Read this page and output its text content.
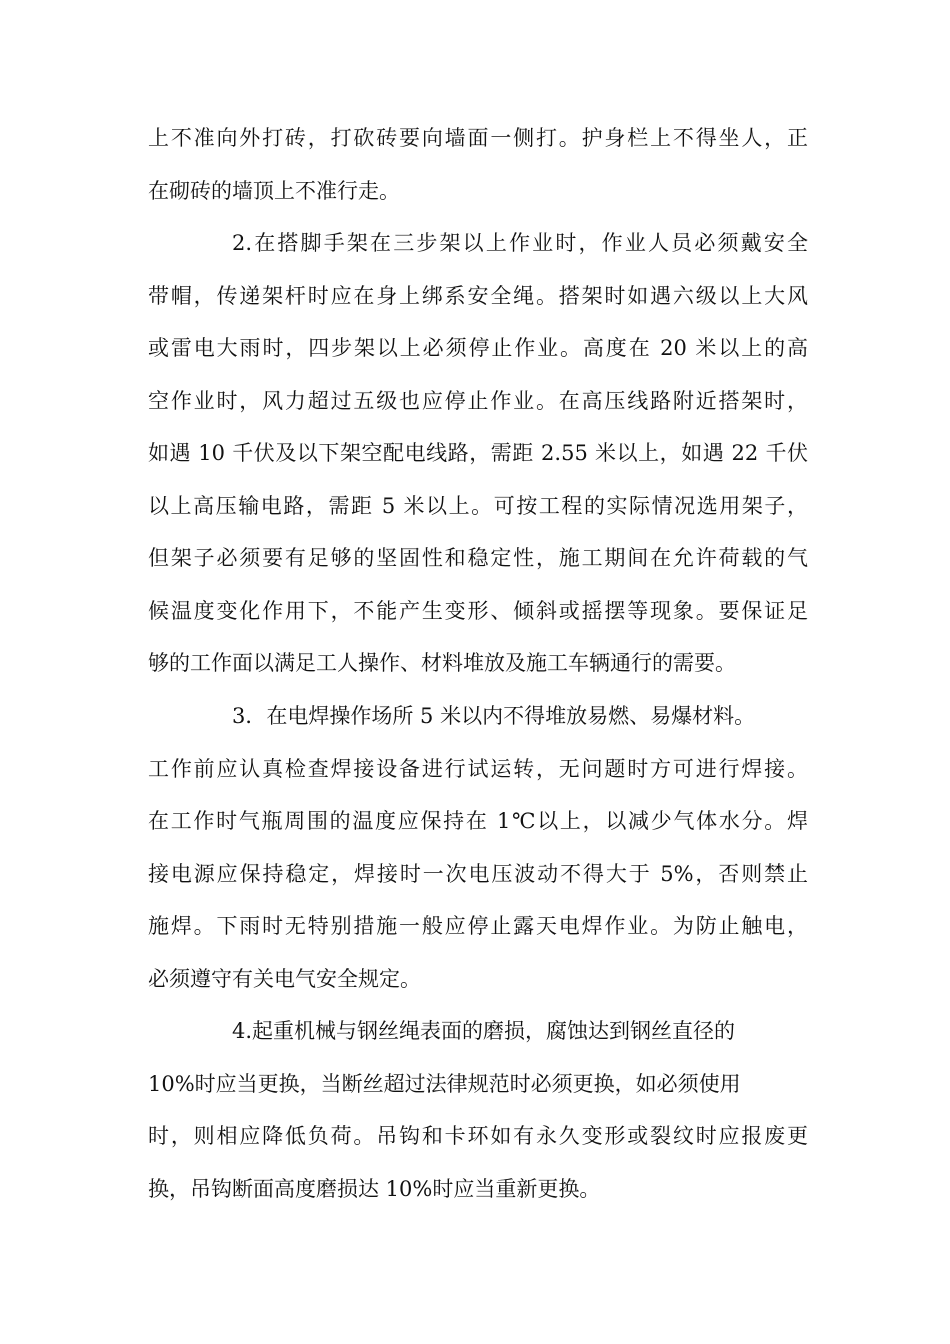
上不准向外打砖，打砍砖要向墙面一侧打。护身栏上不得坐人，正
在砌砖的墙顶上不准行走。
2.在搭脚手架在三步架以上作业时，作业人员必须戴安全
带帽，传递架杆时应在身上绑系安全绳。搭架时如遇六级以上大风
或雷电大雨时，四步架以上必须停止作业。高度在 20 米以上的高
空作业时，风力超过五级也应停止作业。在高压线路附近搭架时，
如遇 10 千伏及以下架空配电线路，需距 2.55 米以上，如遇 22 千伏
以上高压输电路，需距 5 米以上。可按工程的实际情况选用架子，
但架子必须要有足够的坚固性和稳定性，施工期间在允许荷载的气
候温度变化作用下，不能产生变形、倾斜或摇摆等现象。要保证足
够的工作面以满足工人操作、材料堆放及施工车辆通行的需要。
3．在电焊操作场所 5 米以内不得堆放易燃、易爆材料。
工作前应认真检查焊接设备进行试运转，无问题时方可进行焊接。
在工作时气瓶周围的温度应保持在 1℃以上，以减少气体水分。焊
接电源应保持稳定，焊接时一次电压波动不得大于 5%，否则禁止
施焊。下雨时无特别措施一般应停止露天电焊作业。为防止触电，
必须遵守有关电气安全规定。
4.起重机械与钢丝绳表面的磨损，腐蚀达到钢丝直径的
10%时应当更换，当断丝超过法律规范时必须更换，如必须使用
时，则相应降低负荷。吊钩和卡环如有永久变形或裂纹时应报废更
换，吊钩断面高度磨损达 10%时应当重新更换。
